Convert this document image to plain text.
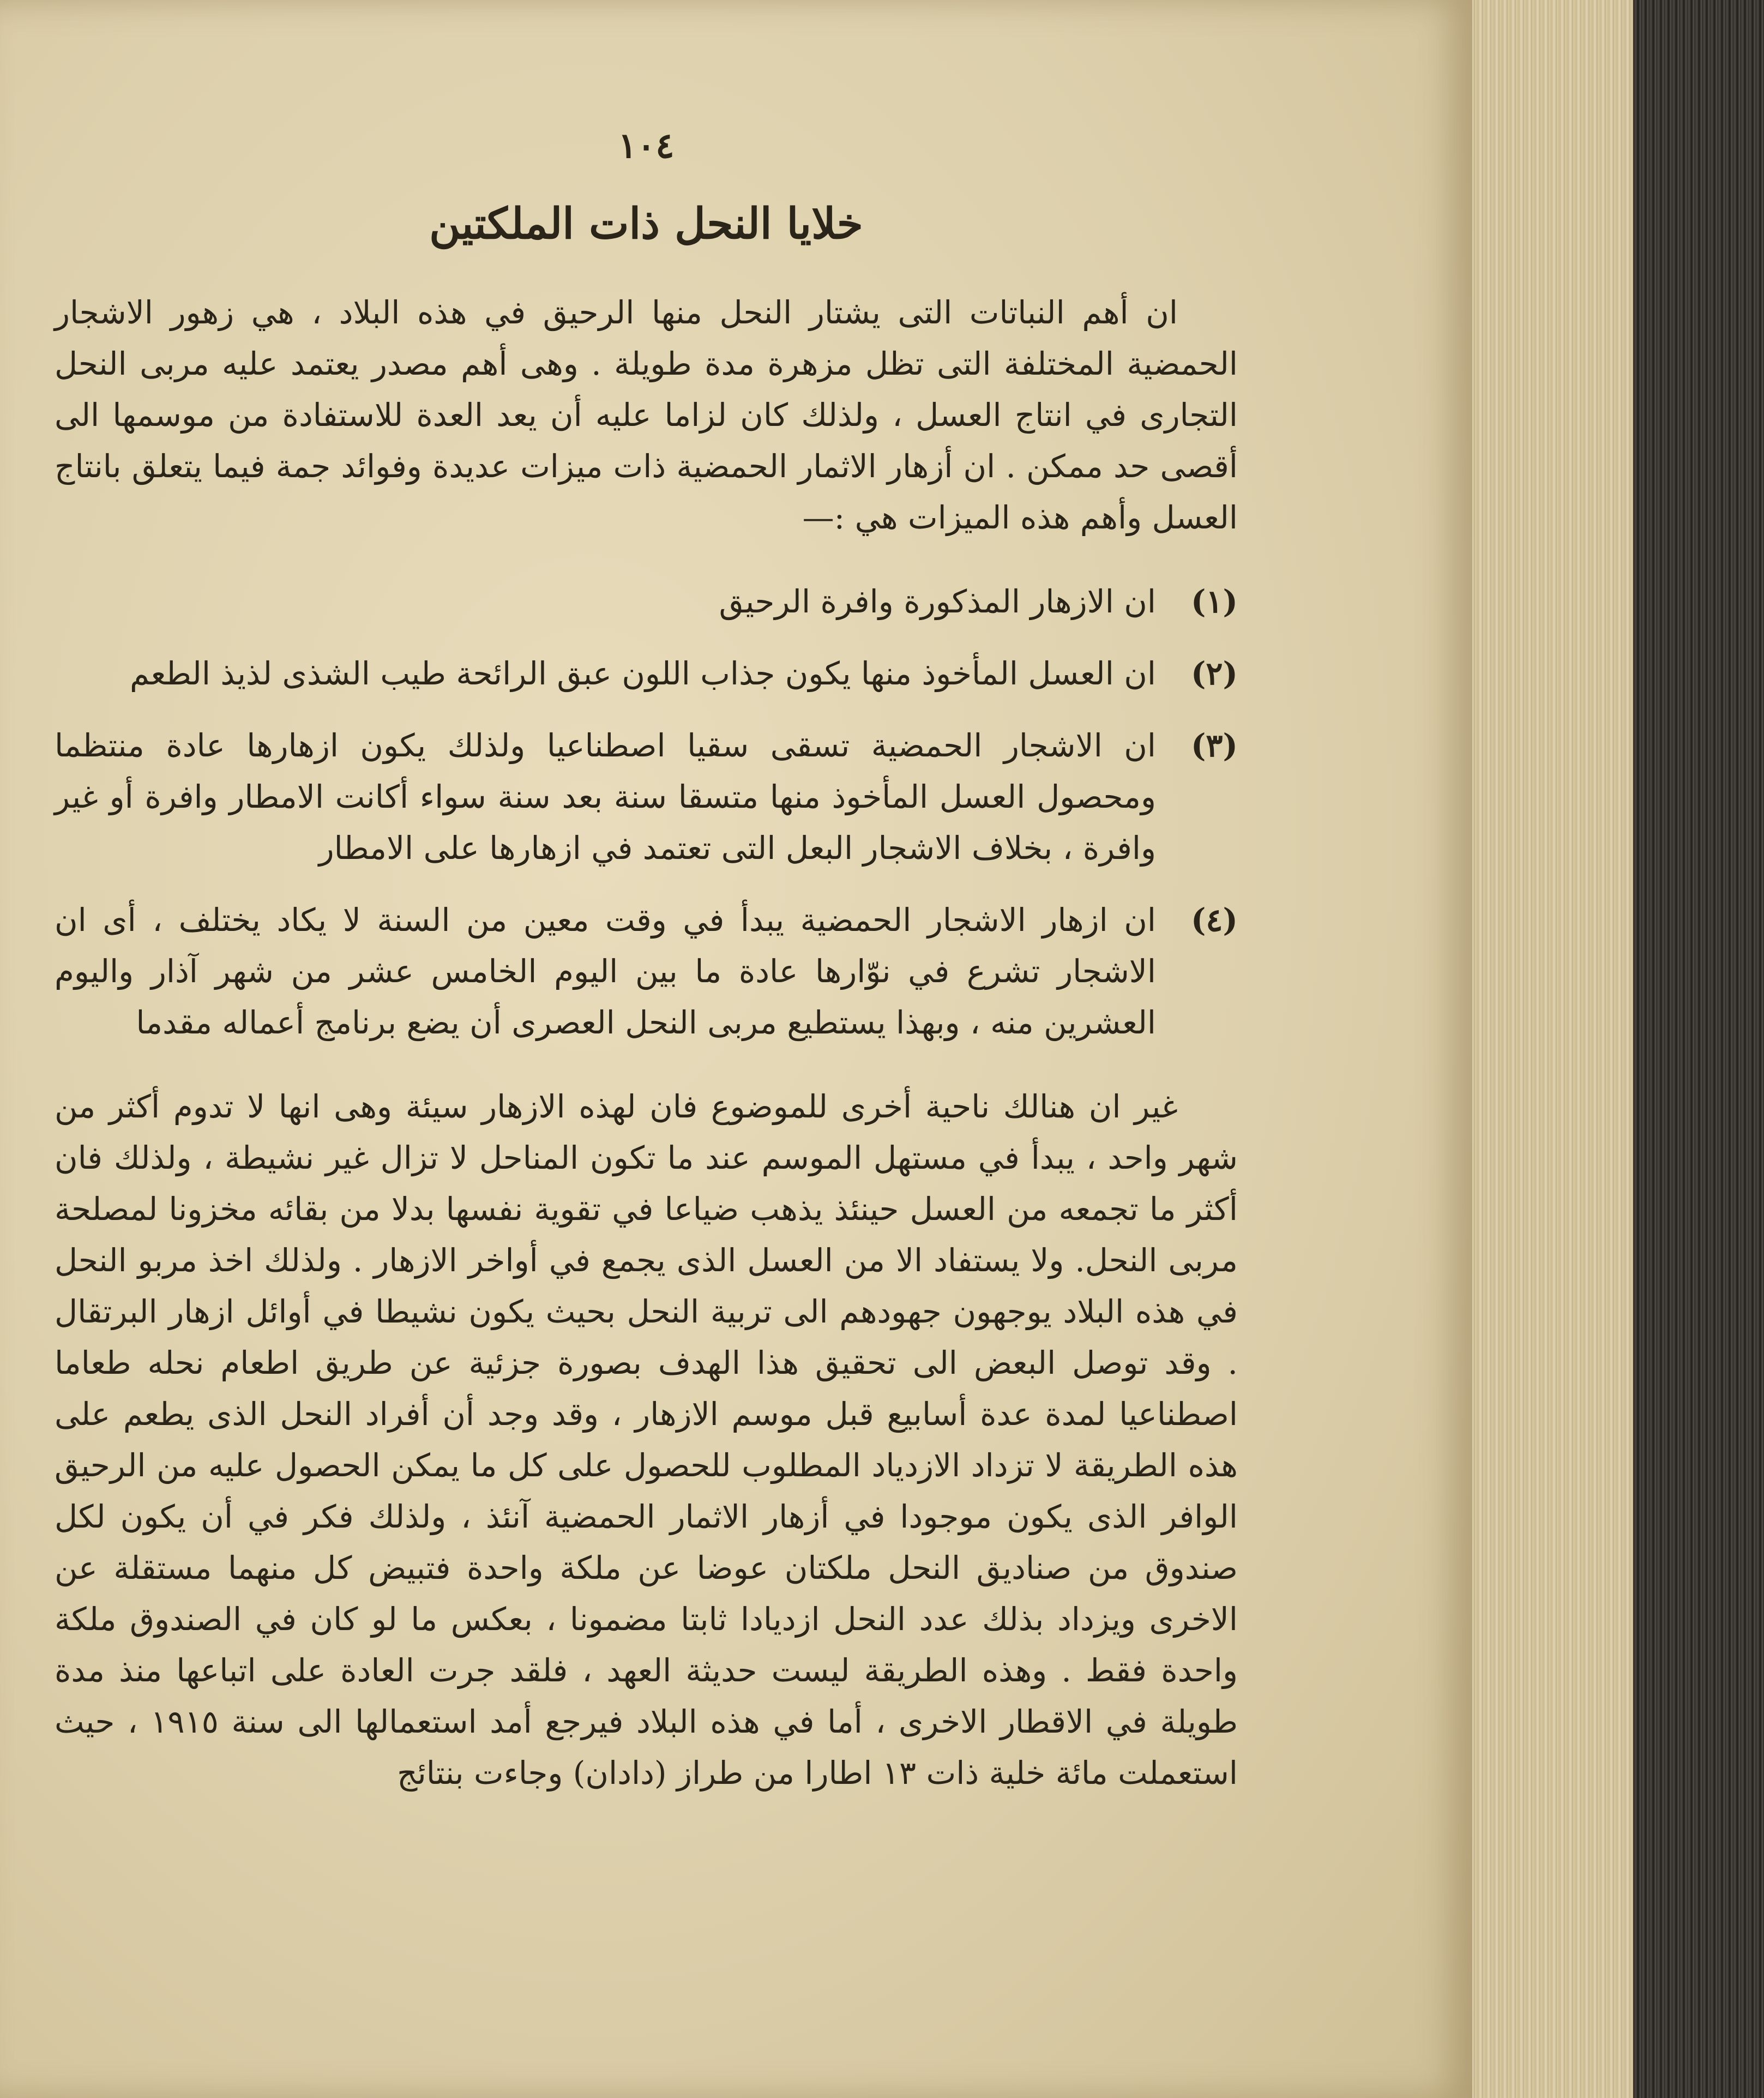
١٠٤
خلايا النحل ذات الملكتين

ان أهم النباتات التى يشتار النحل منها الرحيق في هذه البلاد ، هي زهور الاشجار الحمضية المختلفة التى تظل مزهرة مدة طويلة . وهى أهم مصدر يعتمد عليه مربى النحل التجارى في انتاج العسل ، ولذلك كان لزاما عليه أن يعد العدة للاستفادة من موسمها الى أقصى حد ممكن . ان أزهار الاثمار الحمضية ذات ميزات عديدة وفوائد جمة فيما يتعلق بانتاج العسل وأهم هذه الميزات هي :—

(١)
ان الازهار المذكورة وافرة الرحيق
(٢)
ان العسل المأخوذ منها يكون جذاب اللون عبق الرائحة طيب الشذى لذيذ الطعم
(٣)
ان الاشجار الحمضية تسقى سقيا اصطناعيا ولذلك يكون ازهارها عادة منتظما ومحصول العسل المأخوذ منها متسقا سنة بعد سنة سواء أكانت الامطار وافرة أو غير وافرة ، بخلاف الاشجار البعل التى تعتمد في ازهارها على الامطار
(٤)
ان ازهار الاشجار الحمضية يبدأ في وقت معين من السنة لا يكاد يختلف ، أى ان الاشجار تشرع في نوّارها عادة ما بين اليوم الخامس عشر من شهر آذار واليوم العشرين منه ، وبهذا يستطيع مربى النحل العصرى أن يضع برنامج أعماله مقدما

غير ان هنالك ناحية أخرى للموضوع فان لهذه الازهار سيئة وهى انها لا تدوم أكثر من شهر واحد ، يبدأ في مستهل الموسم عند ما تكون المناحل لا تزال غير نشيطة ، ولذلك فان أكثر ما تجمعه من العسل حينئذ يذهب ضياعا في تقوية نفسها بدلا من بقائه مخزونا لمصلحة مربى النحل. ولا يستفاد الا من العسل الذى يجمع في أواخر الازهار . ولذلك اخذ مربو النحل في هذه البلاد يوجهون جهودهم الى تربية النحل بحيث يكون نشيطا في أوائل ازهار البرتقال . وقد توصل البعض الى تحقيق هذا الهدف بصورة جزئية عن طريق اطعام نحله طعاما اصطناعيا لمدة عدة أسابيع قبل موسم الازهار ، وقد وجد أن أفراد النحل الذى يطعم على هذه الطريقة لا تزداد الازدياد المطلوب للحصول على كل ما يمكن الحصول عليه من الرحيق الوافر الذى يكون موجودا في أزهار الاثمار الحمضية آنئذ ، ولذلك فكر في أن يكون لكل صندوق من صناديق النحل ملكتان عوضا عن ملكة واحدة فتبيض كل منهما مستقلة عن الاخرى ويزداد بذلك عدد النحل ازديادا ثابتا مضمونا ، بعكس ما لو كان في الصندوق ملكة واحدة فقط . وهذه الطريقة ليست حديثة العهد ، فلقد جرت العادة على اتباعها منذ مدة طويلة في الاقطار الاخرى ، أما في هذه البلاد فيرجع أمد استعمالها الى سنة ١٩١٥ ، حيث استعملت مائة خلية ذات ١٣ اطارا من طراز (دادان) وجاءت بنتائج
